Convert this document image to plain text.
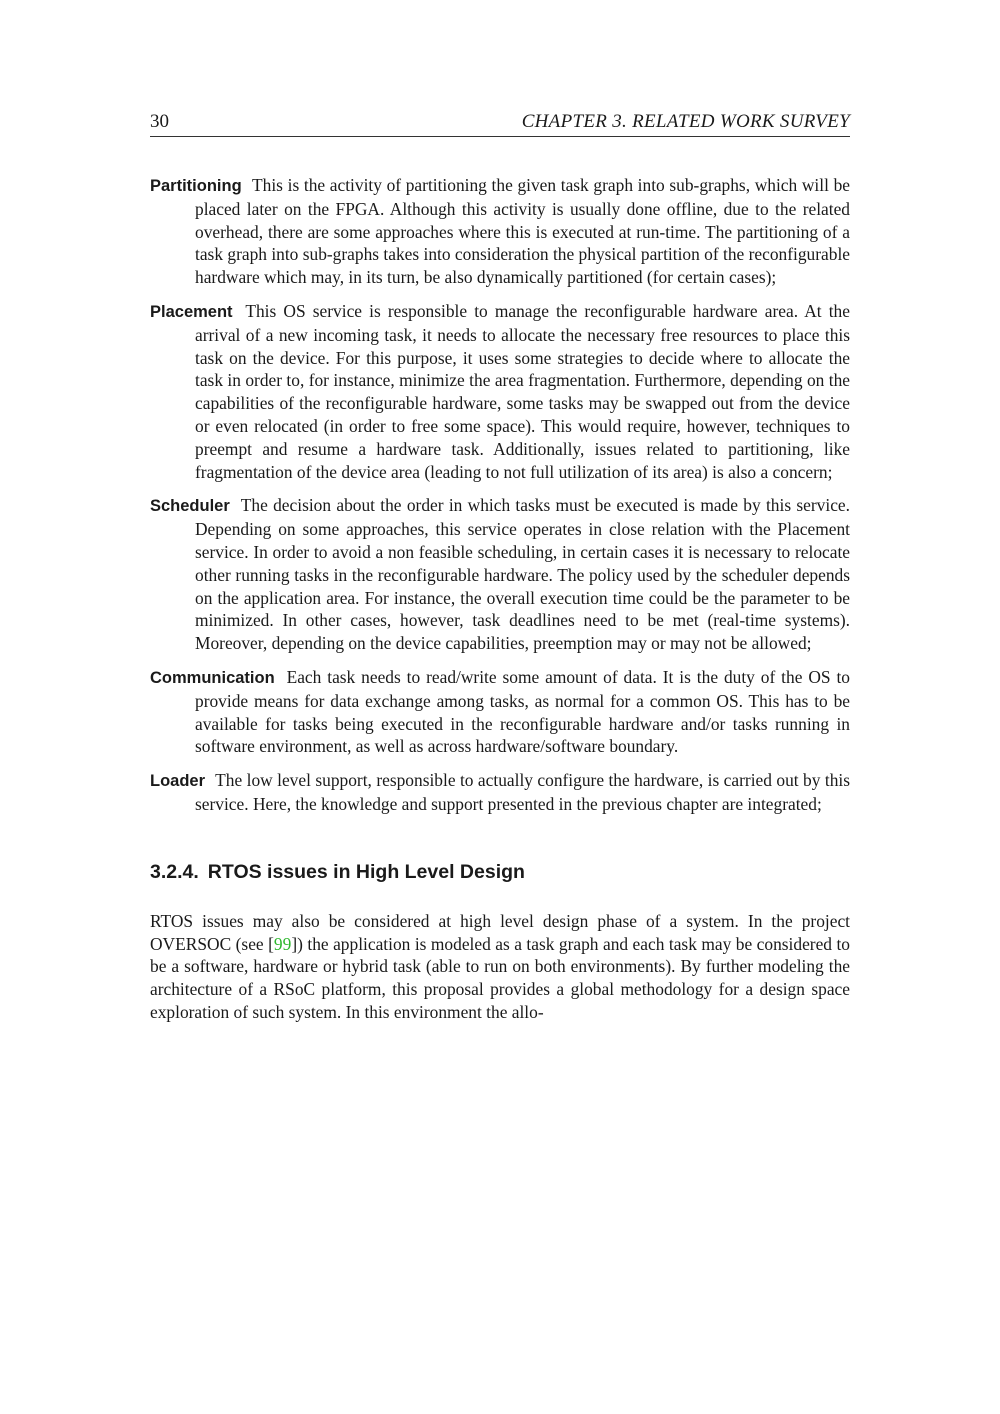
30	CHAPTER 3. RELATED WORK SURVEY
Partitioning This is the activity of partitioning the given task graph into sub-graphs, which will be placed later on the FPGA. Although this activity is usually done offline, due to the related overhead, there are some approaches where this is executed at run-time. The partitioning of a task graph into sub-graphs takes into consideration the physical partition of the reconfigurable hardware which may, in its turn, be also dynamically partitioned (for certain cases);
Placement This OS service is responsible to manage the reconfigurable hardware area. At the arrival of a new incoming task, it needs to allocate the necessary free resources to place this task on the device. For this purpose, it uses some strategies to decide where to allocate the task in order to, for instance, minimize the area fragmentation. Furthermore, depending on the capabilities of the reconfigurable hardware, some tasks may be swapped out from the device or even relocated (in order to free some space). This would require, however, techniques to preempt and resume a hardware task. Additionally, issues related to partitioning, like fragmentation of the device area (leading to not full utilization of its area) is also a concern;
Scheduler The decision about the order in which tasks must be executed is made by this service. Depending on some approaches, this service operates in close relation with the Placement service. In order to avoid a non feasible scheduling, in certain cases it is necessary to relocate other running tasks in the reconfigurable hardware. The policy used by the scheduler depends on the application area. For instance, the overall execution time could be the parameter to be minimized. In other cases, however, task deadlines need to be met (real-time systems). Moreover, depending on the device capabilities, preemption may or may not be allowed;
Communication Each task needs to read/write some amount of data. It is the duty of the OS to provide means for data exchange among tasks, as normal for a common OS. This has to be available for tasks being executed in the reconfigurable hardware and/or tasks running in software environment, as well as across hardware/software boundary.
Loader The low level support, responsible to actually configure the hardware, is carried out by this service. Here, the knowledge and support presented in the previous chapter are integrated;
3.2.4. RTOS issues in High Level Design

RTOS issues may also be considered at high level design phase of a system. In the project OVERSOC (see [99]) the application is modeled as a task graph and each task may be considered to be a software, hardware or hybrid task (able to run on both environments). By further modeling the architecture of a RSoC platform, this proposal provides a global methodology for a design space exploration of such system. In this environment the allo-
